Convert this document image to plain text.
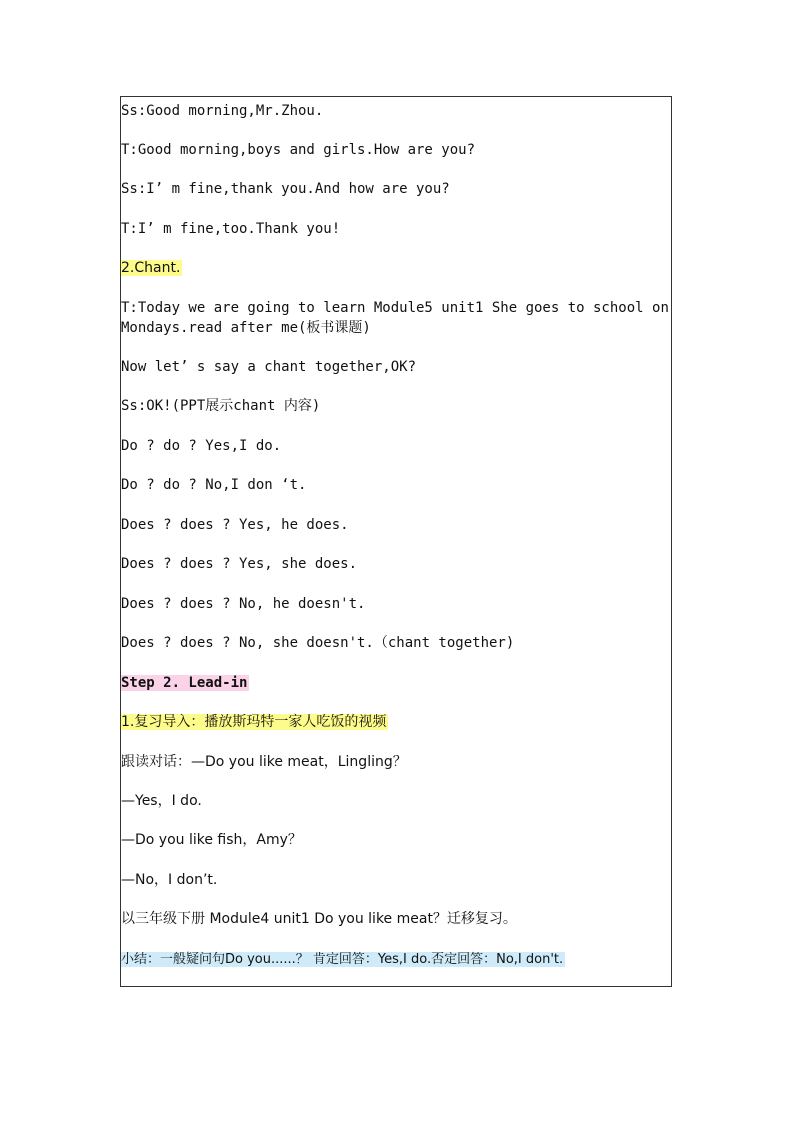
Ss:Good morning,Mr.Zhou.

T:Good morning,boys and girls.How are you?

Ss:I’ m fine,thank you.And how are you?

T:I’ m fine,too.Thank you!

2.Chant.

T:Today we are going to learn Module5 unit1 She goes to school on

Mondays.read after me(板书课题)

Now let’ s say a chant together,OK?

Ss:OK!(PPT展示chant 内容)

Do ? do ? Yes,I do.

Do ? do ? No,I don ‘t.

Does ? does ? Yes, he does.

Does ? does ? Yes, she does.

Does ? does ? No, he doesn't.

Does ? does ? No, she doesn't.（chant together)

Step 2. Lead-in

1.复习导入：播放斯玛特一家人吃饭的视频

跟读对话：—Do you like meat，Lingling？

—Yes，I do.

—Do you like fish，Amy？

—No，I don’t.

以三年级下册 Module4 unit1 Do you like meat？迁移复习。

小结：一般疑问句Do you......？ 肯定回答：Yes,I do.否定回答：No,I don't.
